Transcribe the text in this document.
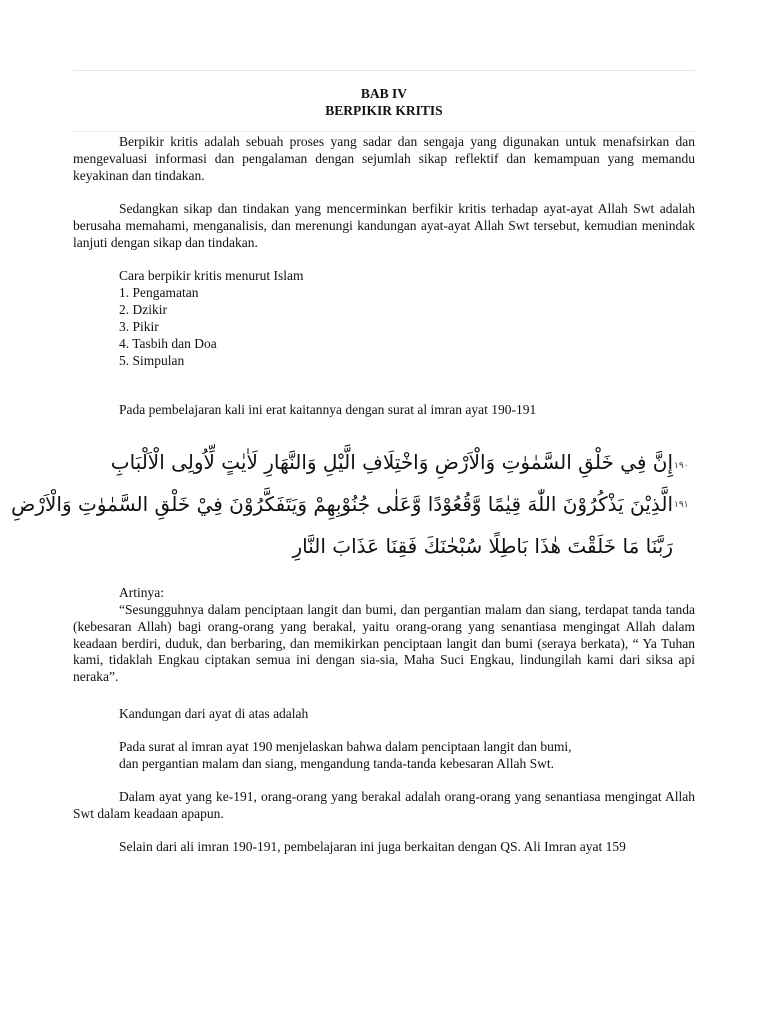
BAB IV
BERPIKIR KRITIS
Berpikir kritis adalah sebuah proses yang sadar dan sengaja yang digunakan untuk menafsirkan dan mengevaluasi informasi dan pengalaman dengan sejumlah sikap reflektif dan kemampuan yang memandu keyakinan dan tindakan.
Sedangkan sikap dan tindakan yang mencerminkan berfikir kritis terhadap ayat-ayat Allah Swt adalah berusaha memahami, menganalisis, dan merenungi kandungan ayat-ayat Allah Swt tersebut, kemudian menindak lanjuti dengan sikap dan tindakan.
Cara berpikir kritis menurut Islam
1. Pengamatan
2. Dzikir
3. Pikir
4. Tasbih dan Doa
5. Simpulan
Pada pembelajaran kali ini erat kaitannya dengan surat al imran ayat 190-191
١٩٠
إِنَّ فِي خَلْقِ السَّمٰوٰتِ وَالْاَرْضِ وَاخْتِلَافِ الَّيْلِ وَالنَّهَارِ لَاٰيٰتٍ لِّاُولِى الْاَلْبَابِ
١٩١
الَّذِيْنَ يَذْكُرُوْنَ اللّٰهَ قِيٰمًا وَّقُعُوْدًا وَّعَلٰى جُنُوْبِهِمْ وَيَتَفَكَّرُوْنَ فِيْ خَلْقِ السَّمٰوٰتِ وَالْاَرْضِ
رَبَّنَا مَا خَلَقْتَ هٰذَا بَاطِلًا سُبْحٰنَكَ فَقِنَا عَذَابَ النَّارِ
Artinya:
“Sesungguhnya dalam penciptaan langit dan bumi, dan pergantian malam dan siang, terdapat tanda tanda (kebesaran Allah) bagi orang-orang yang berakal, yaitu orang-orang yang senantiasa mengingat Allah dalam keadaan berdiri, duduk, dan berbaring, dan memikirkan penciptaan langit dan bumi (seraya berkata), “ Ya Tuhan kami, tidaklah Engkau ciptakan semua ini dengan sia-sia, Maha Suci Engkau, lindungilah kami dari siksa api neraka”.
Kandungan dari ayat di atas adalah
Pada surat al imran ayat 190 menjelaskan bahwa dalam penciptaan langit dan bumi,
dan pergantian malam dan siang, mengandung tanda-tanda kebesaran Allah Swt.
Dalam ayat yang ke-191, orang-orang yang berakal adalah orang-orang yang senantiasa mengingat Allah Swt dalam keadaan apapun.
Selain dari ali imran 190-191, pembelajaran ini juga berkaitan dengan QS. Ali Imran ayat 159
